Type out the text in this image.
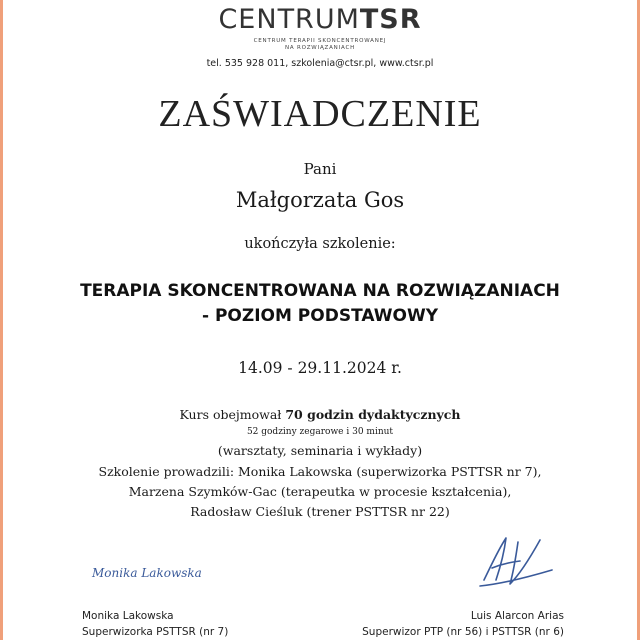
CENTRUMTSR
CENTRUM TERAPII SKONCENTROWANEJ
NA ROZWIĄZANIACH
tel. 535 928 011, szkolenia@ctsr.pl, www.ctsr.pl
ZAŚWIADCZENIE
Pani
Małgorzata Gos
ukończyła szkolenie:
TERAPIA SKONCENTROWANA NA ROZWIĄZANIACH
- POZIOM PODSTAWOWY
14.09 - 29.11.2024 r.
Kurs obejmował 70 godzin dydaktycznych
52 godziny zegarowe i 30 minut
(warsztaty, seminaria i wykłady)
Szkolenie prowadzili: Monika Lakowska (superwizorka PSTTSR nr 7),
Marzena Szymków-Gac (terapeutka w procesie kształcenia),
Radosław Cieśluk (trener PSTTSR nr 22)
Monika Lakowska
Monika Lakowska
Superwizorka PSTTSR (nr 7)
Luis Alarcon Arias
Superwizor PTP (nr 56) i PSTTSR (nr 6)
